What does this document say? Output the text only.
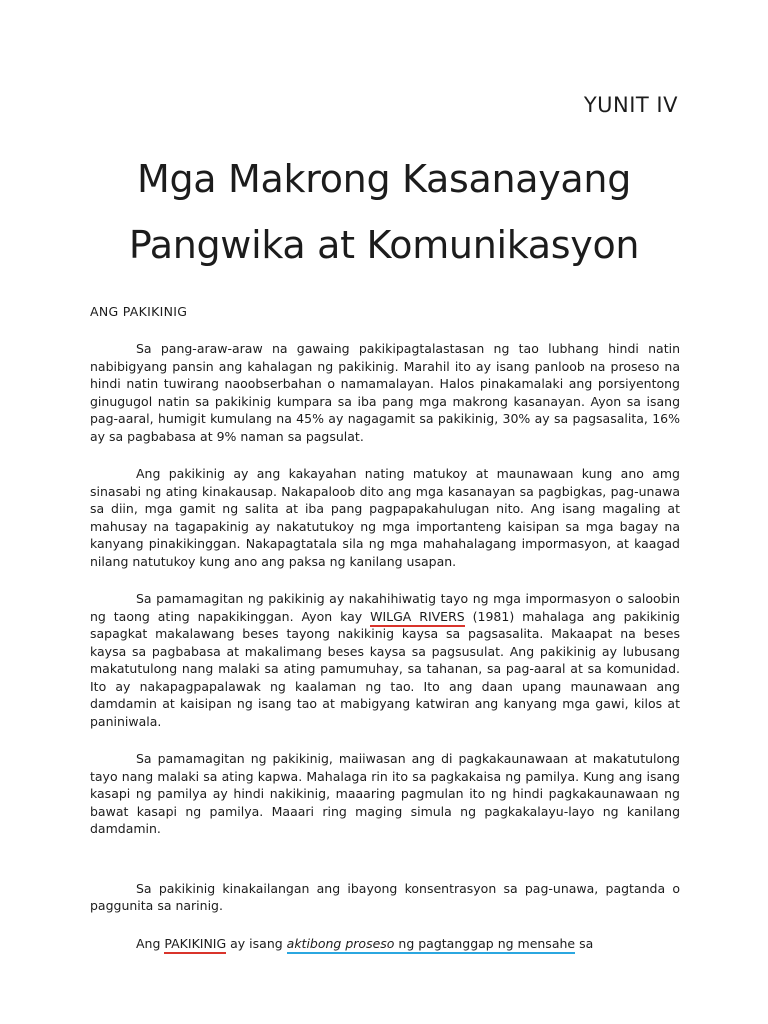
YUNIT IV
Mga Makrong Kasanayang
Pangwika at Komunikasyon
ANG PAKIKINIG

Sa pang-araw-araw na gawaing pakikipagtalastasan ng tao lubhang hindi natin nabibigyang pansin ang kahalagan ng pakikinig. Marahil ito ay isang panloob na proseso na hindi natin tuwirang naoobserbahan o namamalayan. Halos pinakamalaki ang porsiyentong ginugugol natin sa pakikinig kumpara sa iba pang mga makrong kasanayan. Ayon sa isang pag-aaral, humigit kumulang na 45% ay nagagamit sa pakikinig, 30% ay sa pagsasalita, 16% ay sa pagbabasa at 9% naman sa pagsulat.

Ang pakikinig ay ang kakayahan nating matukoy at maunawaan kung ano amg sinasabi ng ating kinakausap. Nakapaloob dito ang mga kasanayan sa pagbigkas, pag-unawa sa diin, mga gamit ng salita at iba pang pagpapakahulugan nito. Ang isang magaling at mahusay na tagapakinig ay nakatutukoy ng mga importanteng kaisipan sa mga bagay na kanyang pinakikinggan. Nakapagtatala sila ng mga mahahalagang impormasyon, at kaagad nilang natutukoy kung ano ang paksa ng kanilang usapan.

Sa pamamagitan ng pakikinig ay nakahihiwatig tayo ng mga impormasyon o saloobin ng taong ating napakikinggan. Ayon kay WILGA RIVERS (1981) mahalaga ang pakikinig sapagkat makalawang beses tayong nakikinig kaysa sa pagsasalita. Makaapat na beses kaysa sa pagbabasa at makalimang beses kaysa sa pagsusulat. Ang pakikinig ay lubusang makatutulong nang malaki sa ating pamumuhay, sa tahanan, sa pag-aaral at sa komunidad. Ito ay nakapagpapalawak ng kaalaman ng tao. Ito ang daan upang maunawaan ang damdamin at kaisipan ng isang tao at mabigyang katwiran ang kanyang mga gawi, kilos at paniniwala.

Sa pamamagitan ng pakikinig, maiiwasan ang di pagkakaunawaan at makatutulong tayo nang malaki sa ating kapwa. Mahalaga rin ito sa pagkakaisa ng pamilya. Kung ang isang kasapi ng pamilya ay hindi nakikinig, maaaring pagmulan ito ng hindi pagkakaunawaan ng bawat kasapi ng pamilya. Maaari ring maging simula ng pagkakalayu-layo ng kanilang damdamin.

Sa pakikinig kinakailangan ang ibayong konsentrasyon sa pag-unawa, pagtanda o paggunita sa narinig.

Ang PAKIKINIG ay isang aktibong proseso ng pagtanggap ng mensahe sa
